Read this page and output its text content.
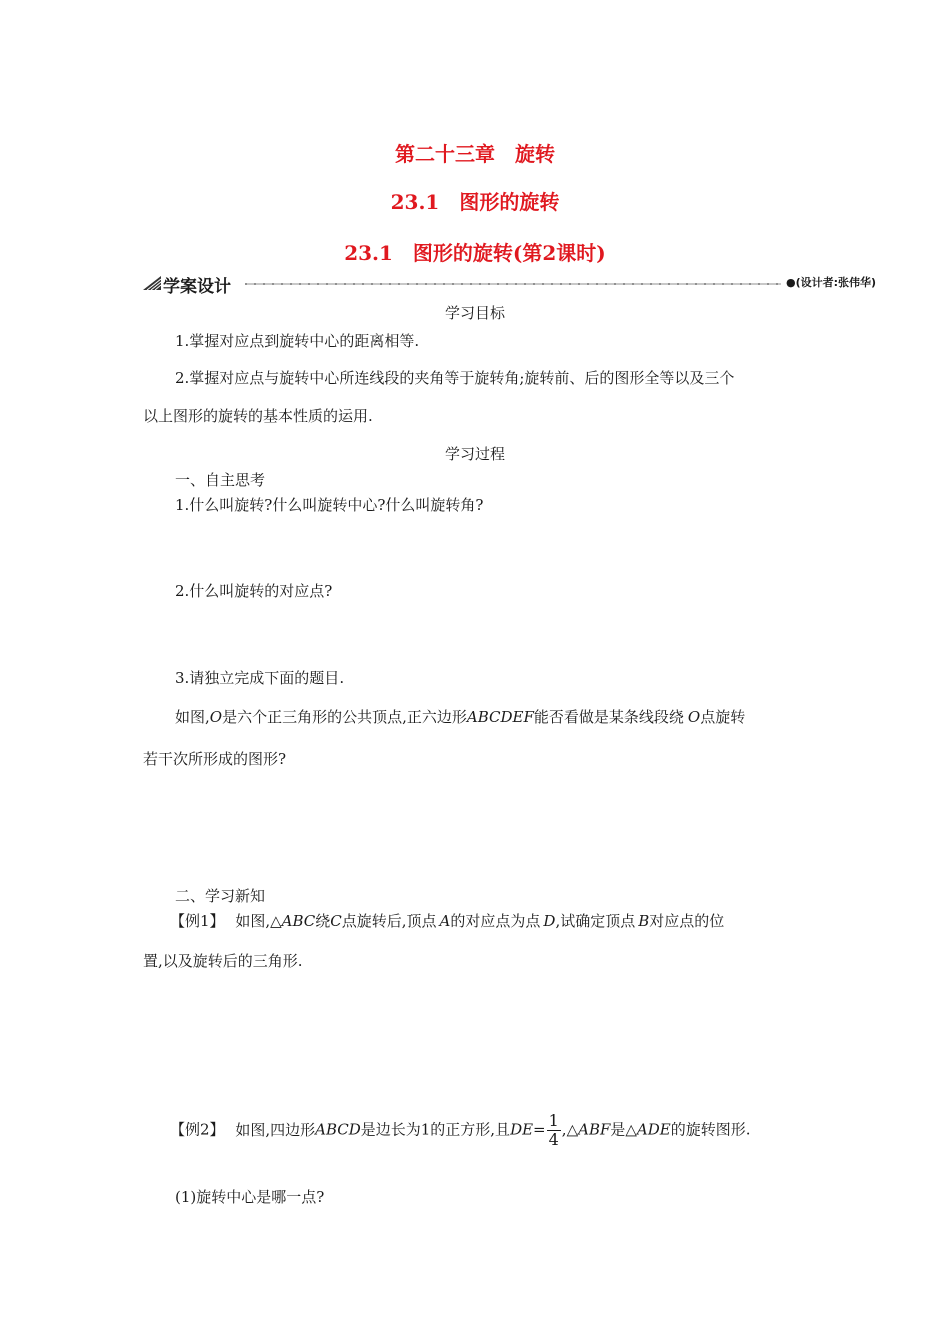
第二十三章　旋转
23.1　图形的旋转
23.1　图形的旋转(第2课时)
学案设计	●(设计者:张伟华)
学习目标
1.掌握对应点到旋转中心的距离相等.
2.掌握对应点与旋转中心所连线段的夹角等于旋转角;旋转前、后的图形全等以及三个
以上图形的旋转的基本性质的运用.
学习过程
一、自主思考
1.什么叫旋转?什么叫旋转中心?什么叫旋转角?
2.什么叫旋转的对应点?
3.请独立完成下面的题目.
如图,O是六个正三角形的公共顶点,正六边形ABCDEF能否看做是某条线段绕 O点旋转
若干次所形成的图形?
二、学习新知
【例1】 如图,△ABC绕C点旋转后,顶点 A的对应点为点 D,试确定顶点 B对应点的位
置,以及旋转后的三角形.
【例2】 如图,四边形ABCD是边长为1的正方形,且$DE= \frac{1}{4}$ ,△ABF是△ADE的旋转图形.
(1)旋转中心是哪一点?
